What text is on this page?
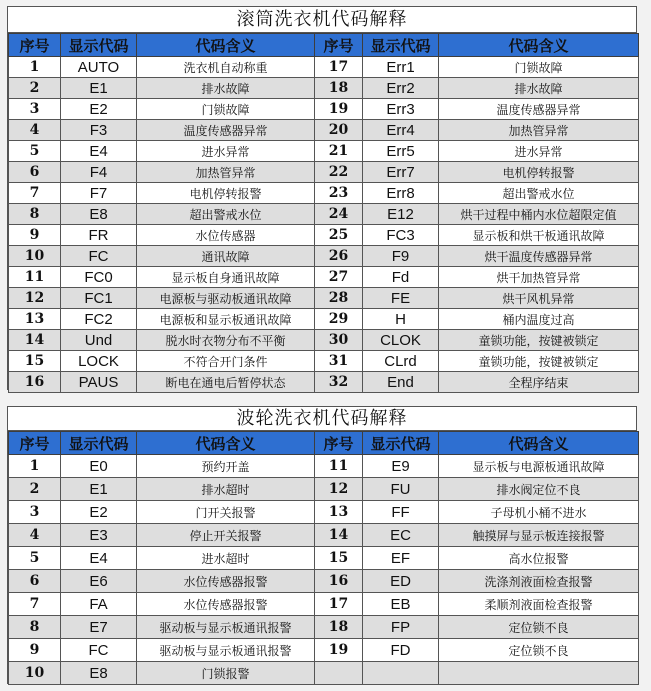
滚筒洗衣机代码解释
序号	显示代码	代码含义	序号	显示代码	代码含义
1	AUTO	洗衣机自动称重	17	Err1	门锁故障
2	E1	排水故障	18	Err2	排水故障
3	E2	门锁故障	19	Err3	温度传感器异常
4	F3	温度传感器异常	20	Err4	加热管异常
5	E4	进水异常	21	Err5	进水异常
6	F4	加热管异常	22	Err7	电机停转报警
7	F7	电机停转报警	23	Err8	超出警戒水位
8	E8	超出警戒水位	24	E12	烘干过程中桶内水位超限定值
9	FR	水位传感器	25	FC3	显示板和烘干板通讯故障
10	FC	通讯故障	26	F9	烘干温度传感器异常
11	FC0	显示板自身通讯故障	27	Fd	烘干加热管异常
12	FC1	电源板与驱动板通讯故障	28	FE	烘干风机异常
13	FC2	电源板和显示板通讯故障	29	H	桶内温度过高
14	Und	脱水时衣物分布不平衡	30	CLOK	童锁功能，按键被锁定
15	LOCK	不符合开门条件	31	CLrd	童锁功能，按键被锁定
16	PAUS	断电在通电后暂停状态	32	End	全程序结束
波轮洗衣机代码解释
序号	显示代码	代码含义	序号	显示代码	代码含义
1	E0	预约开盖	11	E9	显示板与电源板通讯故障
2	E1	排水超时	12	FU	排水阀定位不良
3	E2	门开关报警	13	FF	子母机小桶不进水
4	E3	停止开关报警	14	EC	触摸屏与显示板连接报警
5	E4	进水超时	15	EF	高水位报警
6	E6	水位传感器报警	16	ED	洗涤剂液面检查报警
7	FA	水位传感器报警	17	EB	柔顺剂液面检查报警
8	E7	驱动板与显示板通讯报警	18	FP	定位锁不良
9	FC	驱动板与显示板通讯报警	19	FD	定位锁不良
10	E8	门锁报警			
